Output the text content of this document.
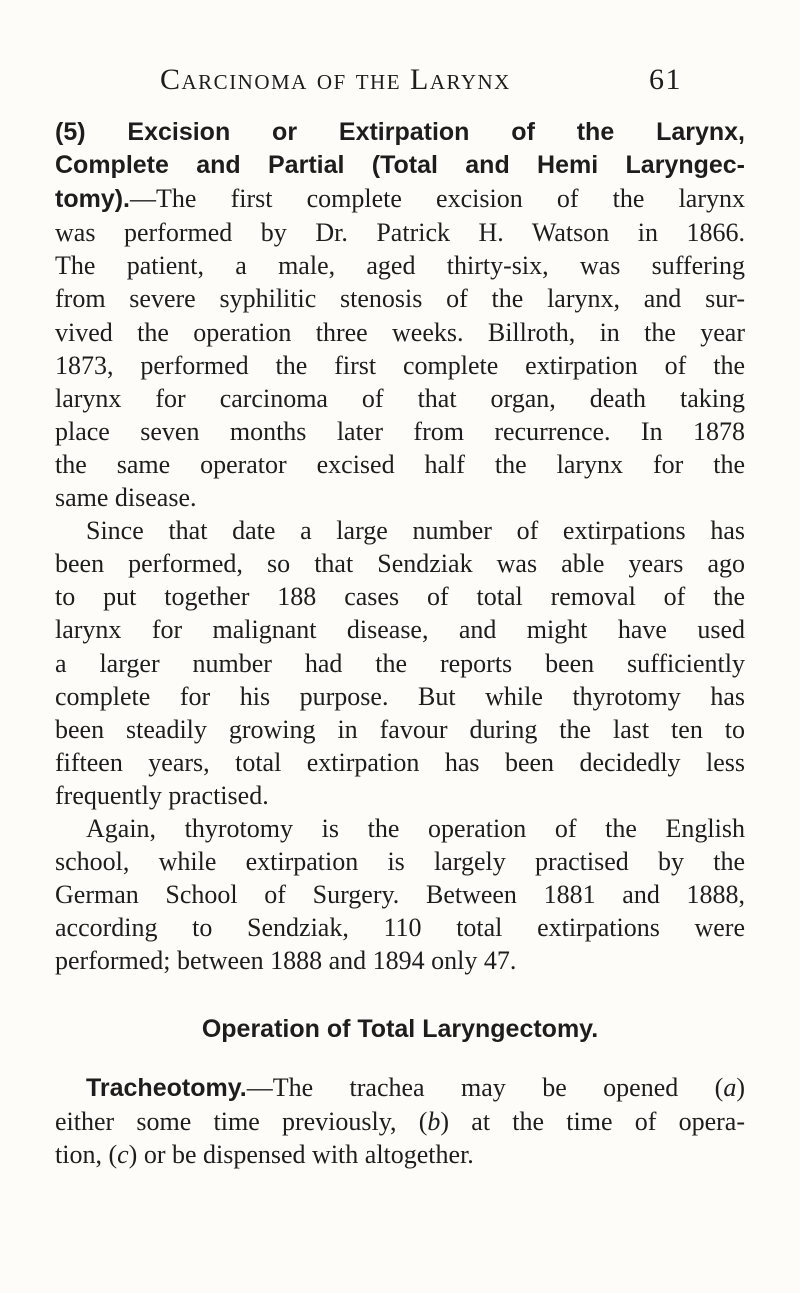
Carcinoma of the Larynx	61
(5) Excision or Extirpation of the Larynx,
Complete and Partial (Total and Hemi Laryngec-
tomy).—The first complete excision of the larynx
was performed by Dr. Patrick H. Watson in 1866.
The patient, a male, aged thirty-six, was suffering
from severe syphilitic stenosis of the larynx, and sur-
vived the operation three weeks. Billroth, in the year
1873, performed the first complete extirpation of the
larynx for carcinoma of that organ, death taking
place seven months later from recurrence. In 1878
the same operator excised half the larynx for the
same disease.
Since that date a large number of extirpations has
been performed, so that Sendziak was able years ago
to put together 188 cases of total removal of the
larynx for malignant disease, and might have used
a larger number had the reports been sufficiently
complete for his purpose. But while thyrotomy has
been steadily growing in favour during the last ten to
fifteen years, total extirpation has been decidedly less
frequently practised.
Again, thyrotomy is the operation of the English
school, while extirpation is largely practised by the
German School of Surgery. Between 1881 and 1888,
according to Sendziak, 110 total extirpations were
performed; between 1888 and 1894 only 47.
Operation of Total Laryngectomy.
Tracheotomy.—The trachea may be opened (a)
either some time previously, (b) at the time of opera-
tion, (c) or be dispensed with altogether.
